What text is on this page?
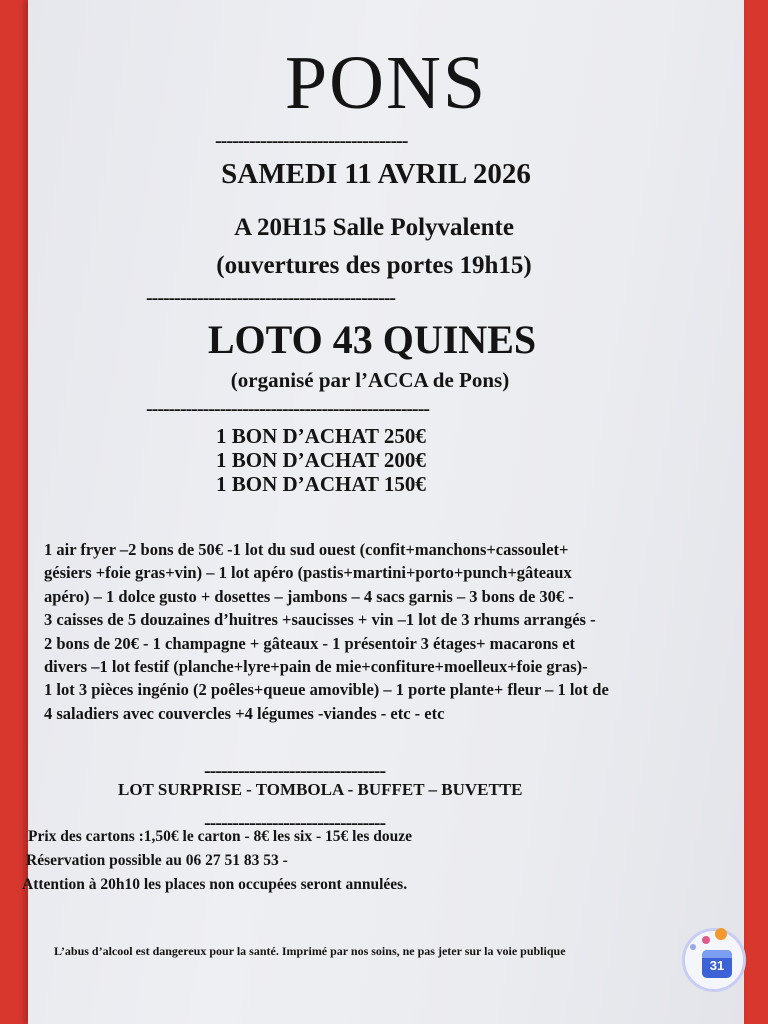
PONS

----------------------------------

SAMEDI 11 AVRIL 2026

A 20H15 Salle Polyvalente

(ouvertures des portes 19h15)

--------------------------------------------

LOTO 43 QUINES

(organisé par l’ACCA de Pons)

--------------------------------------------------

1 BON D’ACHAT 250€

1 BON D’ACHAT 200€

1 BON D’ACHAT 150€

1 air fryer –2 bons de 50€ -1 lot du sud ouest (confit+manchons+cassoulet+
gésiers +foie gras+vin) – 1 lot apéro (pastis+martini+porto+punch+gâteaux
apéro) – 1 dolce gusto + dosettes – jambons – 4 sacs garnis – 3 bons de 30€ -
3 caisses de 5 douzaines d’huitres +saucisses + vin –1 lot de 3 rhums arrangés -
2 bons de 20€ - 1 champagne + gâteaux - 1 présentoir 3 étages+ macarons et
divers –1 lot festif (planche+lyre+pain de mie+confiture+moelleux+foie gras)-
1 lot 3 pièces ingénio (2 poêles+queue amovible) – 1 porte plante+ fleur – 1 lot de
4 saladiers avec couvercles +4 légumes -viandes - etc - etc

--------------------------------

LOT SURPRISE - TOMBOLA - BUFFET – BUVETTE

--------------------------------

Prix des cartons :1,50€ le carton - 8€ les six - 15€ les douze

Réservation possible au 06 27 51 83 53 -

Attention à 20h10 les places non occupées seront annulées.

L’abus d’alcool est dangereux pour la santé. Imprimé par nos soins, ne pas jeter sur la voie publique

31
